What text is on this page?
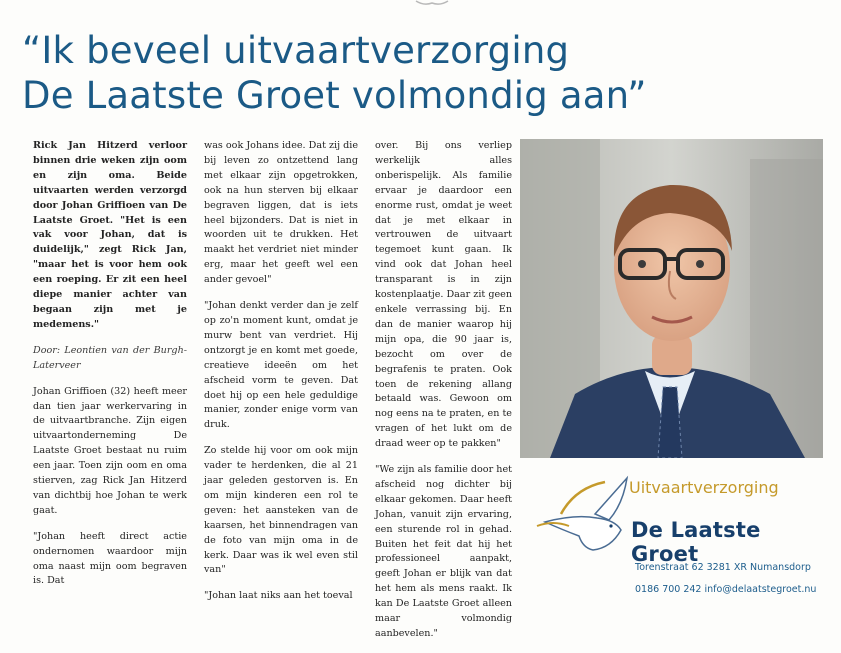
“Ik beveel uitvaartverzorging
De Laatste Groet volmondig aan”

Rick Jan Hitzerd verloor binnen drie weken zijn oom en zijn oma. Beide uitvaarten werden verzorgd door Johan Griffioen van De Laatste Groet. "Het is een vak voor Johan, dat is duidelijk," zegt Rick Jan, "maar het is voor hem ook een roeping. Er zit een heel diepe manier achter van begaan zijn met je medemens."

Door: Leontien van der Burgh-Laterveer

Johan Griffioen (32) heeft meer dan tien jaar werkervaring in de uitvaartbranche. Zijn eigen uitvaartonderneming De Laatste Groet bestaat nu ruim een jaar. Toen zijn oom en oma stierven, zag Rick Jan Hitzerd van dichtbij hoe Johan te werk gaat.

"Johan heeft direct actie ondernomen waardoor mijn oma naast mijn oom begraven is. Dat

was ook Johans idee. Dat zij die bij leven zo ontzettend lang met elkaar zijn opgetrokken, ook na hun sterven bij elkaar begraven liggen, dat is iets heel bijzonders. Dat is niet in woorden uit te drukken. Het maakt het verdriet niet minder erg, maar het geeft wel een ander gevoel"

"Johan denkt verder dan je zelf op zo'n moment kunt, omdat je murw bent van verdriet. Hij ontzorgt je en komt met goede, creatieve ideeën om het afscheid vorm te geven. Dat doet hij op een hele geduldige manier, zonder enige vorm van druk.

Zo stelde hij voor om ook mijn vader te herdenken, die al 21 jaar geleden gestorven is. En om mijn kinderen een rol te geven: het aansteken van de kaarsen, het binnendragen van de foto van mijn oma in de kerk. Daar was ik wel even stil van"

"Johan laat niks aan het toeval

over. Bij ons verliep werkelijk alles onberispelijk. Als familie ervaar je daardoor een enorme rust, omdat je weet dat je met elkaar in vertrouwen de uitvaart tegemoet kunt gaan. Ik vind ook dat Johan heel transparant is in zijn kostenplaatje. Daar zit geen enkele verrassing bij. En dan de manier waarop hij mijn opa, die 90 jaar is, bezocht om over de begrafenis te praten. Ook toen de rekening allang betaald was. Gewoon om nog eens na te praten, en te vragen of het lukt om de draad weer op te pakken"

"We zijn als familie door het afscheid nog dichter bij elkaar gekomen. Daar heeft Johan, vanuit zijn ervaring, een sturende rol in gehad. Buiten het feit dat hij het professioneel aanpakt, geeft Johan er blijk van dat het hem als mens raakt. Ik kan De Laatste Groet alleen maar volmondig aanbevelen."

Uitvaartverzorging
De Laatste Groet
Torenstraat 62 3281 XR Numansdorp
0186 700 242 info@delaatstegroet.nu
